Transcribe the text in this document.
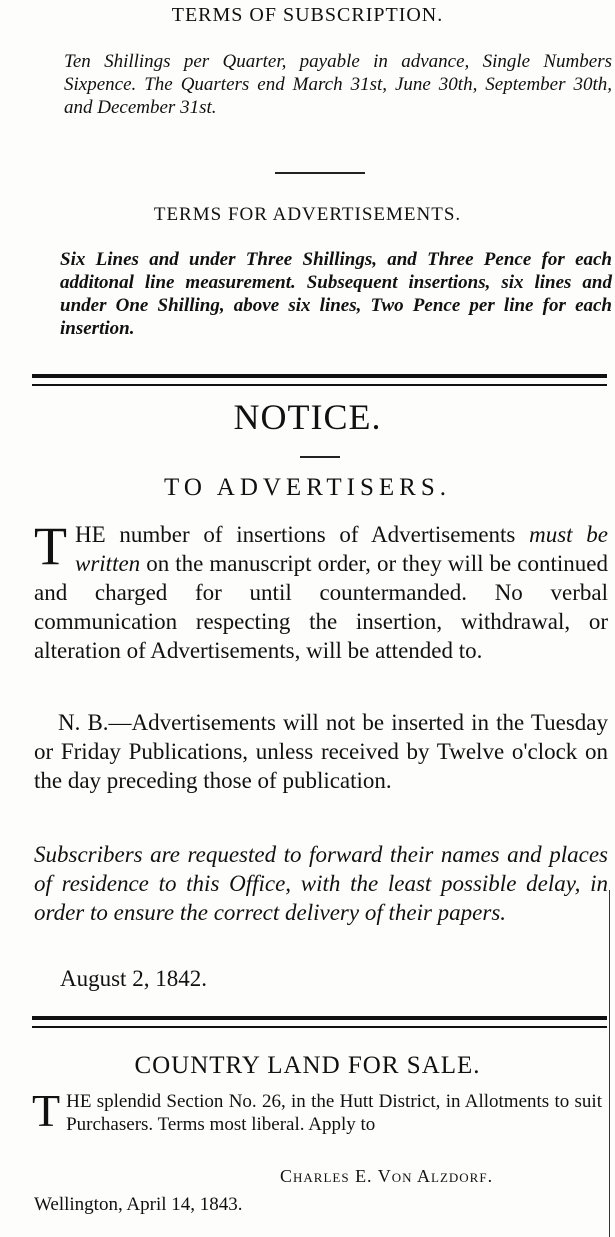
TERMS OF SUBSCRIPTION.
Ten Shillings per Quarter, payable in advance, Single Numbers Sixpence. The Quarters end March 31st, June 30th, September 30th, and December 31st.
TERMS FOR ADVERTISEMENTS.
Six Lines and under Three Shillings, and Three Pence for each additonal line measurement. Subsequent insertions, six lines and under One Shilling, above six lines, Two Pence per line for each insertion.
NOTICE.
TO ADVERTISERS.
THE number of insertions of Advertisements must be written on the manuscript order, or they will be continued and charged for until countermanded. No verbal communication respecting the insertion, withdrawal, or alteration of Advertisements, will be attended to.
N. B.—Advertisements will not be inserted in the Tuesday or Friday Publications, unless received by Twelve o'clock on the day preceding those of publication.
Subscribers are requested to forward their names and places of residence to this Office, with the least possible delay, in order to ensure the correct delivery of their papers.
August 2, 1842.
COUNTRY LAND FOR SALE.
THE splendid Section No. 26, in the Hutt District, in Allotments to suit Purchasers. Terms most liberal. Apply to
Charles E. Von Alzdorf.
Wellington, April 14, 1843.
